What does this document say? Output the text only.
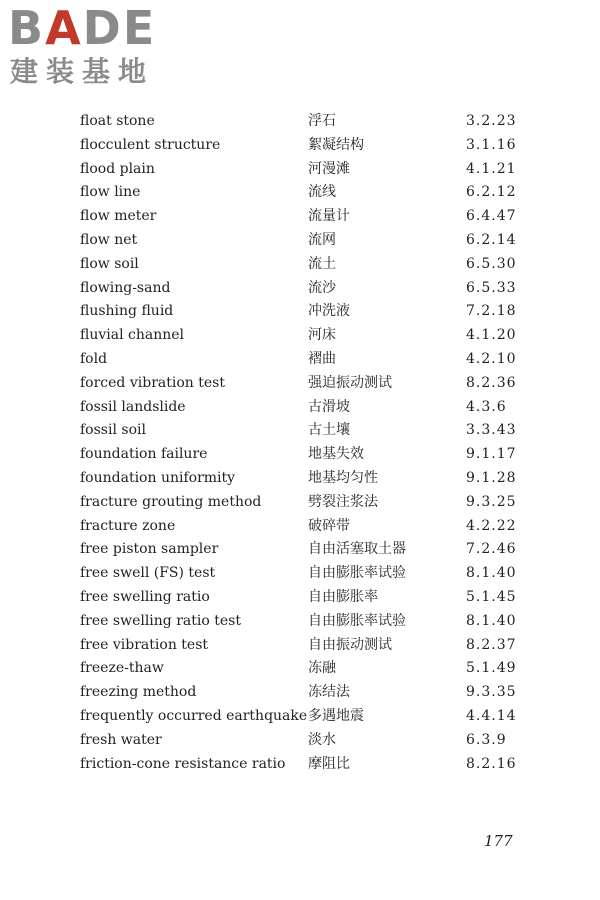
BADE
建装基地
float stone	浮石	3.2.23
flocculent structure	絮凝结构	3.1.16
flood plain	河漫滩	4.1.21
flow line	流线	6.2.12
flow meter	流量计	6.4.47
flow net	流网	6.2.14
flow soil	流土	6.5.30
flowing-sand	流沙	6.5.33
flushing fluid	冲洗液	7.2.18
fluvial channel	河床	4.1.20
fold	褶曲	4.2.10
forced vibration test	强迫振动测试	8.2.36
fossil landslide	古滑坡	4.3.6
fossil soil	古土壤	3.3.43
foundation failure	地基失效	9.1.17
foundation uniformity	地基均匀性	9.1.28
fracture grouting method	劈裂注浆法	9.3.25
fracture zone	破碎带	4.2.22
free piston sampler	自由活塞取土器	7.2.46
free swell (FS) test	自由膨胀率试验	8.1.40
free swelling ratio	自由膨胀率	5.1.45
free swelling ratio test	自由膨胀率试验	8.1.40
free vibration test	自由振动测试	8.2.37
freeze-thaw	冻融	5.1.49
freezing method	冻结法	9.3.35
frequently occurred earthquake 多遇地震	4.4.14
fresh water	淡水	6.3.9
friction-cone resistance ratio	摩阻比	8.2.16
177
